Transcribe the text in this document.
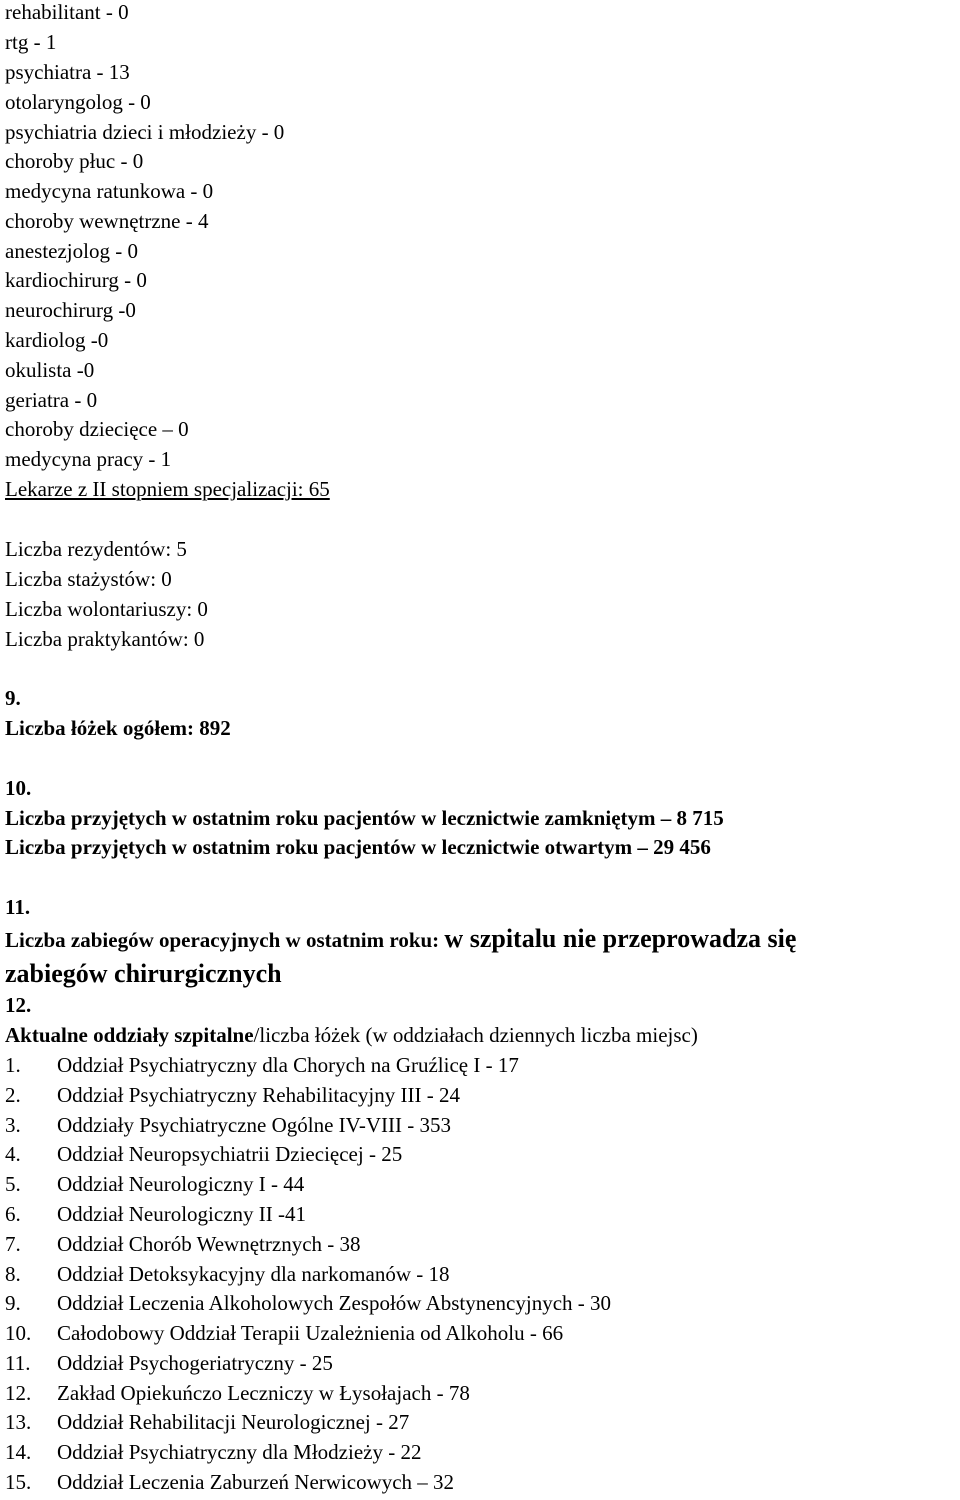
rehabilitant - 0
rtg - 1
psychiatra - 13
otolaryngolog - 0
psychiatria dzieci i młodzieży - 0
choroby płuc - 0
medycyna ratunkowa - 0
choroby wewnętrzne - 4
anestezjolog - 0
kardiochirurg - 0
neurochirurg -0
kardiolog -0
okulista -0
geriatra - 0
choroby dziecięce – 0
medycyna pracy - 1
Lekarze z II stopniem specjalizacji: 65
Liczba rezydentów: 5
Liczba stażystów: 0
Liczba wolontariuszy: 0
Liczba praktykantów: 0
9.
Liczba łóżek ogółem: 892
10.
Liczba przyjętych w ostatnim roku pacjentów w lecznictwie zamkniętym – 8 715
Liczba przyjętych w ostatnim roku pacjentów w lecznictwie otwartym – 29 456
11.
Liczba zabiegów operacyjnych w ostatnim roku: w szpitalu nie przeprowadza się
zabiegów chirurgicznych
12.
Aktualne oddziały szpitalne/liczba łóżek (w oddziałach dziennych liczba miejsc)
1. Oddział Psychiatryczny dla Chorych na Gruźlicę I - 17
2. Oddział Psychiatryczny Rehabilitacyjny III - 24
3. Oddziały Psychiatryczne Ogólne IV-VIII - 353
4. Oddział Neuropsychiatrii Dziecięcej - 25
5. Oddział Neurologiczny I - 44
6. Oddział Neurologiczny II -41
7. Oddział Chorób Wewnętrznych - 38
8. Oddział Detoksykacyjny dla narkomanów - 18
9. Oddział Leczenia Alkoholowych Zespołów Abstynencyjnych - 30
10. Całodobowy Oddział Terapii Uzależnienia od Alkoholu - 66
11. Oddział Psychogeriatryczny - 25
12. Zakład Opiekuńczo Leczniczy w Łysołajach - 78
13. Oddział Rehabilitacji Neurologicznej - 27
14. Oddział Psychiatryczny dla Młodzieży - 22
15. Oddział Leczenia Zaburzeń Nerwicowych – 32
